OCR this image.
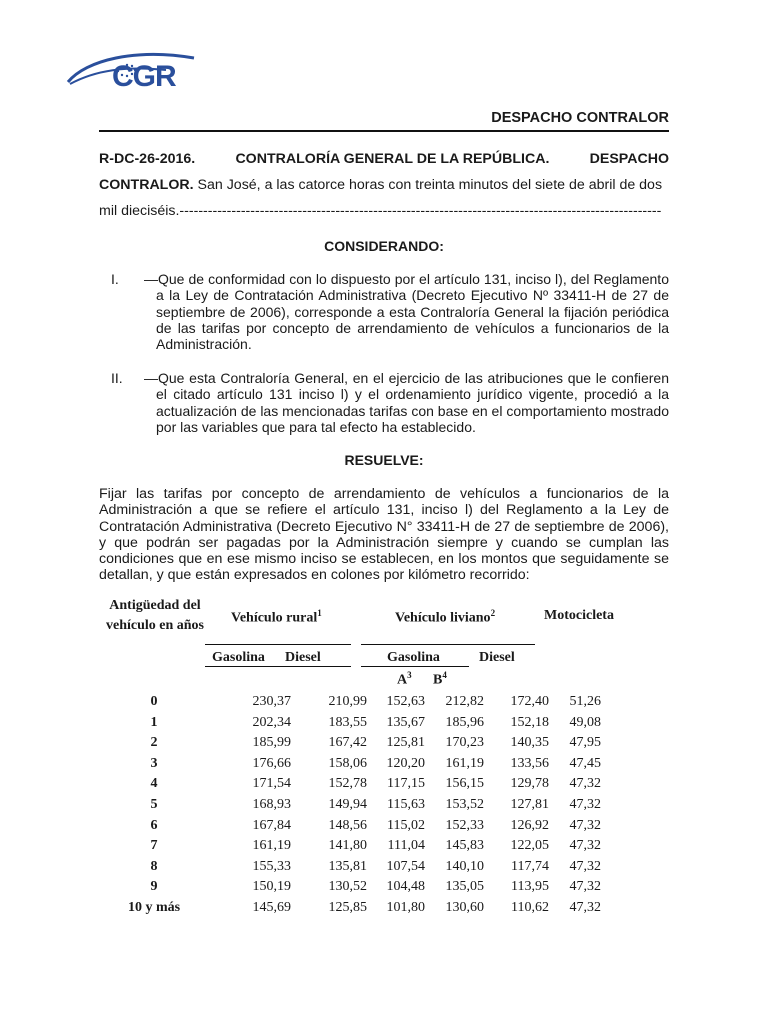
CGR
DESPACHO CONTRALOR
R-DC-26-2016.	CONTRALORÍA GENERAL DE LA REPÚBLICA.	DESPACHO
CONTRALOR. San José, a las catorce horas con treinta minutos del siete de abril de dos
mil dieciséis.------------------------------------------------------------------------------------------------------
CONSIDERANDO:
I. —Que de conformidad con lo dispuesto por el artículo 131, inciso l), del Reglamento a la Ley de Contratación Administrativa (Decreto Ejecutivo Nº 33411-H de 27 de septiembre de 2006), corresponde a esta Contraloría General la fijación periódica de las tarifas por concepto de arrendamiento de vehículos a funcionarios de la Administración.
II. —Que esta Contraloría General, en el ejercicio de las atribuciones que le confieren el citado artículo 131 inciso l) y el ordenamiento jurídico vigente, procedió a la actualización de las mencionadas tarifas con base en el comportamiento mostrado por las variables que para tal efecto ha establecido.
RESUELVE:
Fijar las tarifas por concepto de arrendamiento de vehículos a funcionarios de la Administración a que se refiere el artículo 131, inciso l) del Reglamento a la Ley de Contratación Administrativa (Decreto Ejecutivo N° 33411-H de 27 de septiembre de 2006), y que podrán ser pagadas por la Administración siempre y cuando se cumplan las condiciones que en ese mismo inciso se establecen, en los montos que seguidamente se detallan, y que están expresados en colones por kilómetro recorrido:
Antigüedad del
vehículo en años	Vehículo rural$^1$	Vehículo liviano$^2$	Motocicleta
Gasolina Diesel	Gasolina	Diesel
$A^3$ $B^4$
0	230,37	210,99	152,63	212,82	172,40	51,26
1	202,34	183,55	135,67	185,96	152,18	49,08
2	185,99	167,42	125,81	170,23	140,35	47,95
3	176,66	158,06	120,20	161,19	133,56	47,45
4	171,54	152,78	117,15	156,15	129,78	47,32
5	168,93	149,94	115,63	153,52	127,81	47,32
6	167,84	148,56	115,02	152,33	126,92	47,32
7	161,19	141,80	111,04	145,83	122,05	47,32
8	155,33	135,81	107,54	140,10	117,74	47,32
9	150,19	130,52	104,48	135,05	113,95	47,32
10 y más	145,69	125,85	101,80	130,60	110,62	47,32
